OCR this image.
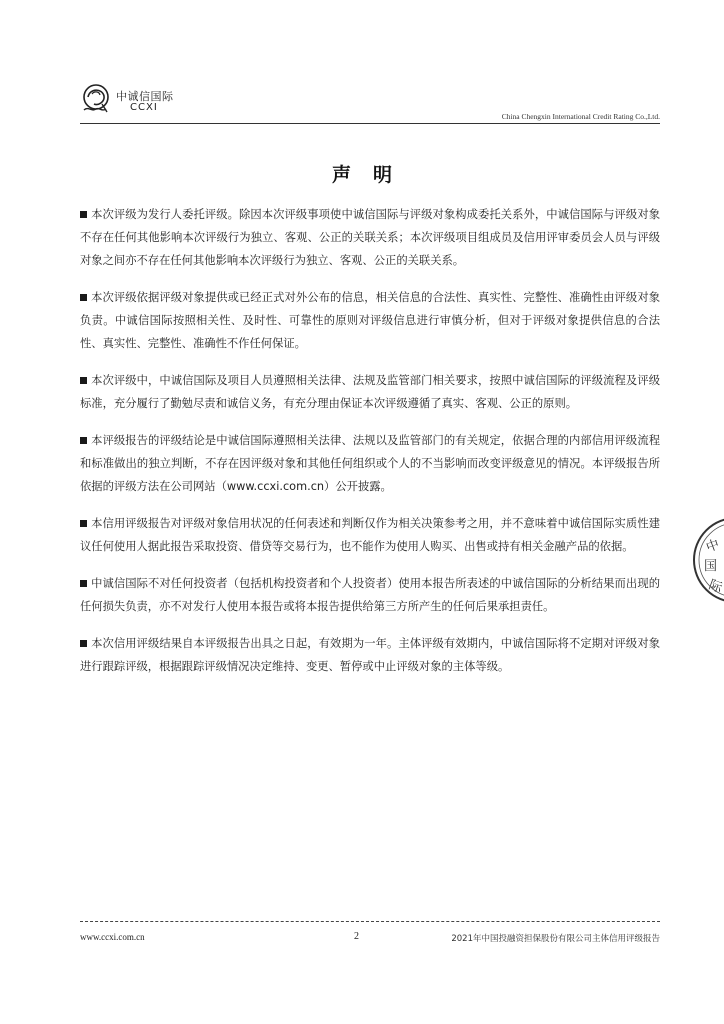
中诚信国际
CCXI
China Chengxin International Credit Rating Co.,Ltd.
声明

本次评级为发行人委托评级。除因本次评级事项使中诚信国际与评级对象构成委托关系外，中诚信国际与评级对象不存在任何其他影响本次评级行为独立、客观、公正的关联关系；本次评级项目组成员及信用评审委员会人员与评级对象之间亦不存在任何其他影响本次评级行为独立、客观、公正的关联关系。

本次评级依据评级对象提供或已经正式对外公布的信息，相关信息的合法性、真实性、完整性、准确性由评级对象负责。中诚信国际按照相关性、及时性、可靠性的原则对评级信息进行审慎分析，但对于评级对象提供信息的合法性、真实性、完整性、准确性不作任何保证。

本次评级中，中诚信国际及项目人员遵照相关法律、法规及监管部门相关要求，按照中诚信国际的评级流程及评级标准，充分履行了勤勉尽责和诚信义务，有充分理由保证本次评级遵循了真实、客观、公正的原则。

本评级报告的评级结论是中诚信国际遵照相关法律、法规以及监管部门的有关规定，依据合理的内部信用评级流程和标准做出的独立判断，不存在因评级对象和其他任何组织或个人的不当影响而改变评级意见的情况。本评级报告所依据的评级方法在公司网站（www.ccxi.com.cn）公开披露。

本信用评级报告对评级对象信用状况的任何表述和判断仅作为相关决策参考之用，并不意味着中诚信国际实质性建议任何使用人据此报告采取投资、借贷等交易行为，也不能作为使用人购买、出售或持有相关金融产品的依据。

中诚信国际不对任何投资者（包括机构投资者和个人投资者）使用本报告所表述的中诚信国际的分析结果而出现的任何损失负责，亦不对发行人使用本报告或将本报告提供给第三方所产生的任何后果承担责任。

本次信用评级结果自本评级报告出具之日起，有效期为一年。主体评级有效期内，中诚信国际将不定期对评级对象进行跟踪评级，根据跟踪评级情况决定维持、变更、暂停或中止评级对象的主体等级。

中
国
际
www.ccxi.com.cn	2	2021年中国投融资担保股份有限公司主体信用评级报告
